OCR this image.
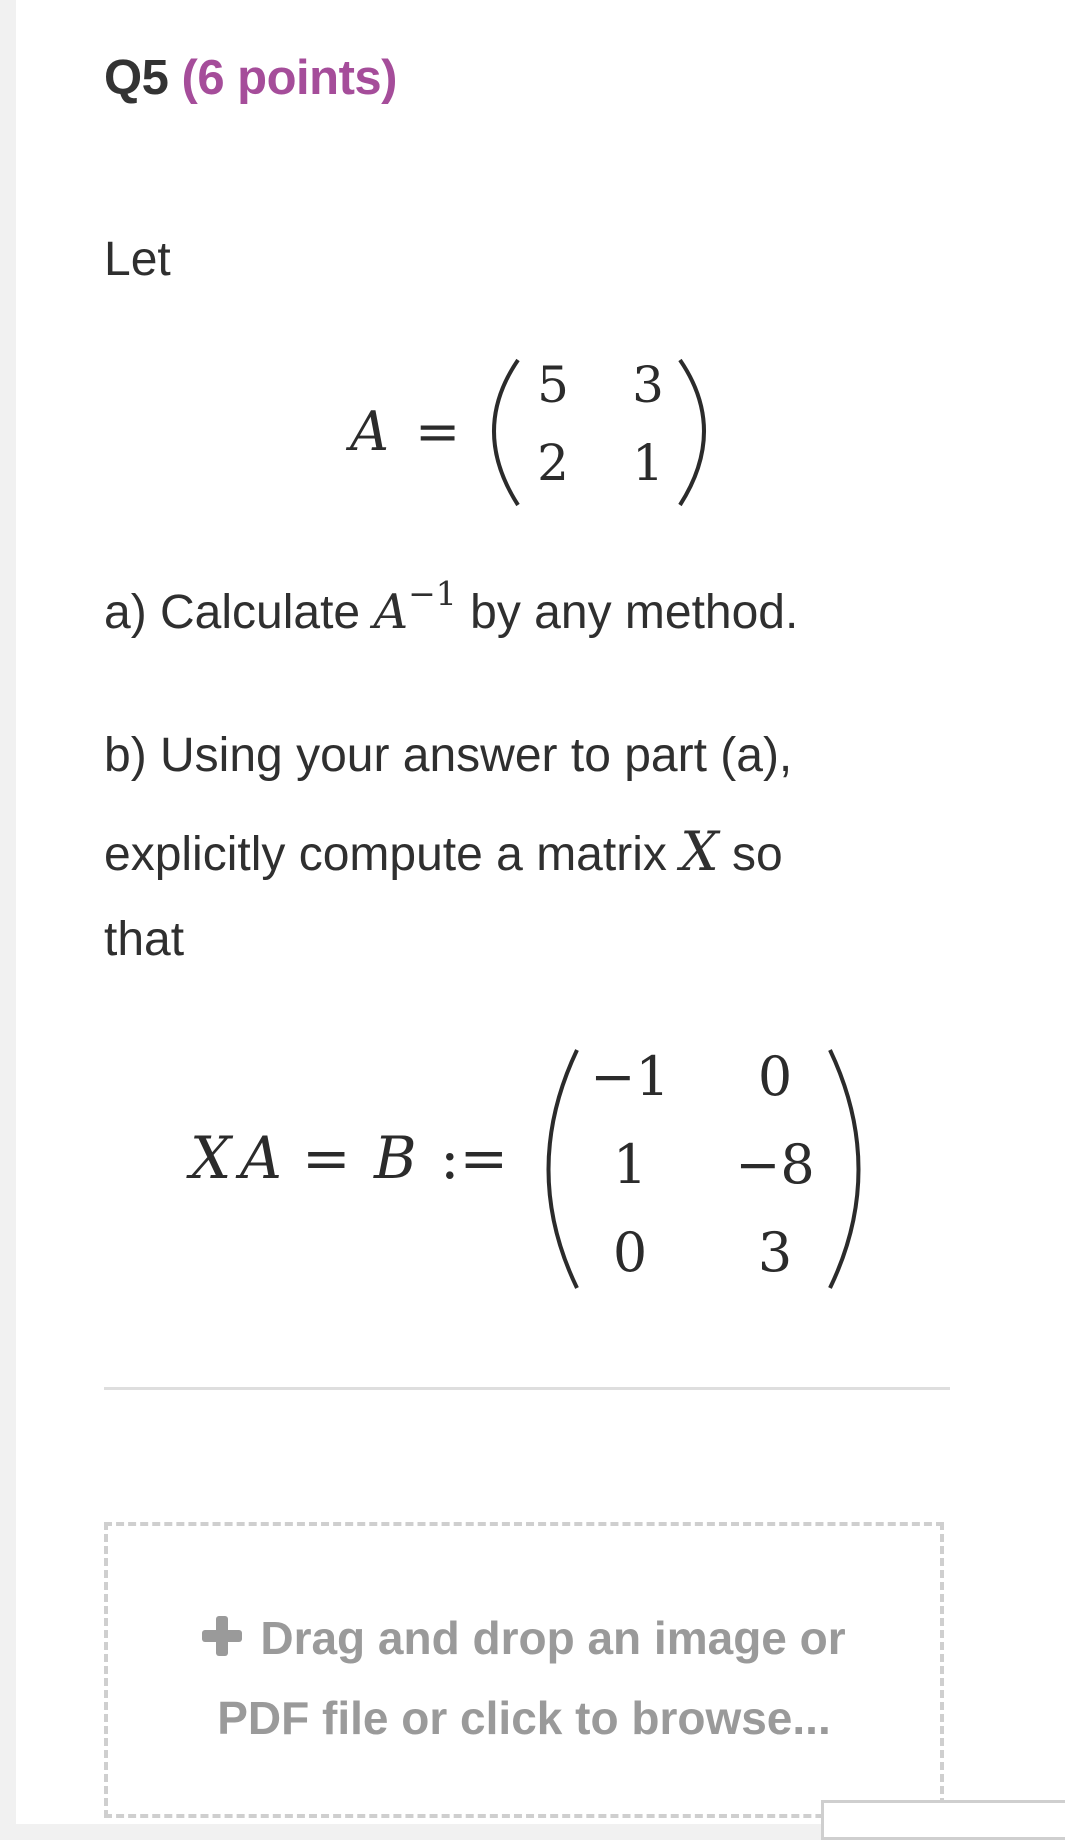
Q5 (6 points)
Let
A =
5 3
2 1
a) Calculate $A^{-1}$ by any method.
b) Using your answer to part (a),
explicitly compute a matrix X so
that
X A = B :=
−1 0
1 −8
0 3
Drag and drop an image or
PDF file or click to browse...
